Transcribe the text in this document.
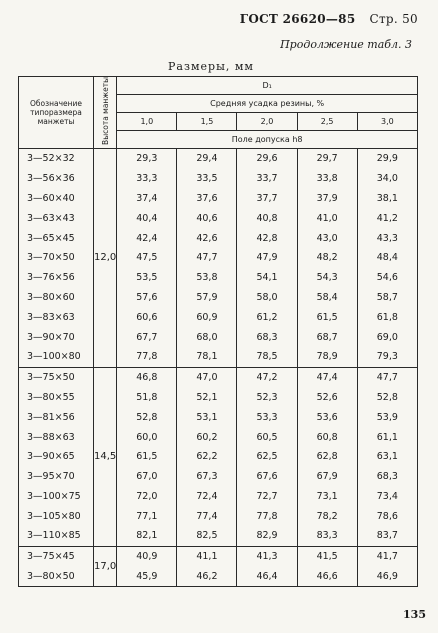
ГОСТ 26620—85 Стр. 50
Продолжение табл. 3
Размеры, мм
Обозначение типоразмера манжеты	Высота манжеты	D₁				
		Средняя усадка резины, %				
		1,0	1,5	2,0	2,5	3,0
		Поле допуска h8				
3—52×32	12,0	29,3	29,4	29,6	29,7	29,9
3—56×36		33,3	33,5	33,7	33,8	34,0
3—60×40		37,4	37,6	37,7	37,9	38,1
3—63×43		40,4	40,6	40,8	41,0	41,2
3—65×45		42,4	42,6	42,8	43,0	43,3
3—70×50		47,5	47,7	47,9	48,2	48,4
3—76×56		53,5	53,8	54,1	54,3	54,6
3—80×60		57,6	57,9	58,0	58,4	58,7
3—83×63		60,6	60,9	61,2	61,5	61,8
3—90×70		67,7	68,0	68,3	68,7	69,0
3—100×80		77,8	78,1	78,5	78,9	79,3
3—75×50	14,5	46,8	47,0	47,2	47,4	47,7
3—80×55		51,8	52,1	52,3	52,6	52,8
3—81×56		52,8	53,1	53,3	53,6	53,9
3—88×63		60,0	60,2	60,5	60,8	61,1
3—90×65		61,5	62,2	62,5	62,8	63,1
3—95×70		67,0	67,3	67,6	67,9	68,3
3—100×75		72,0	72,4	72,7	73,1	73,4
3—105×80		77,1	77,4	77,8	78,2	78,6
3—110×85		82,1	82,5	82,9	83,3	83,7
3—75×45	17,0	40,9	41,1	41,3	41,5	41,7
3—80×50		45,9	46,2	46,4	46,6	46,9
135
